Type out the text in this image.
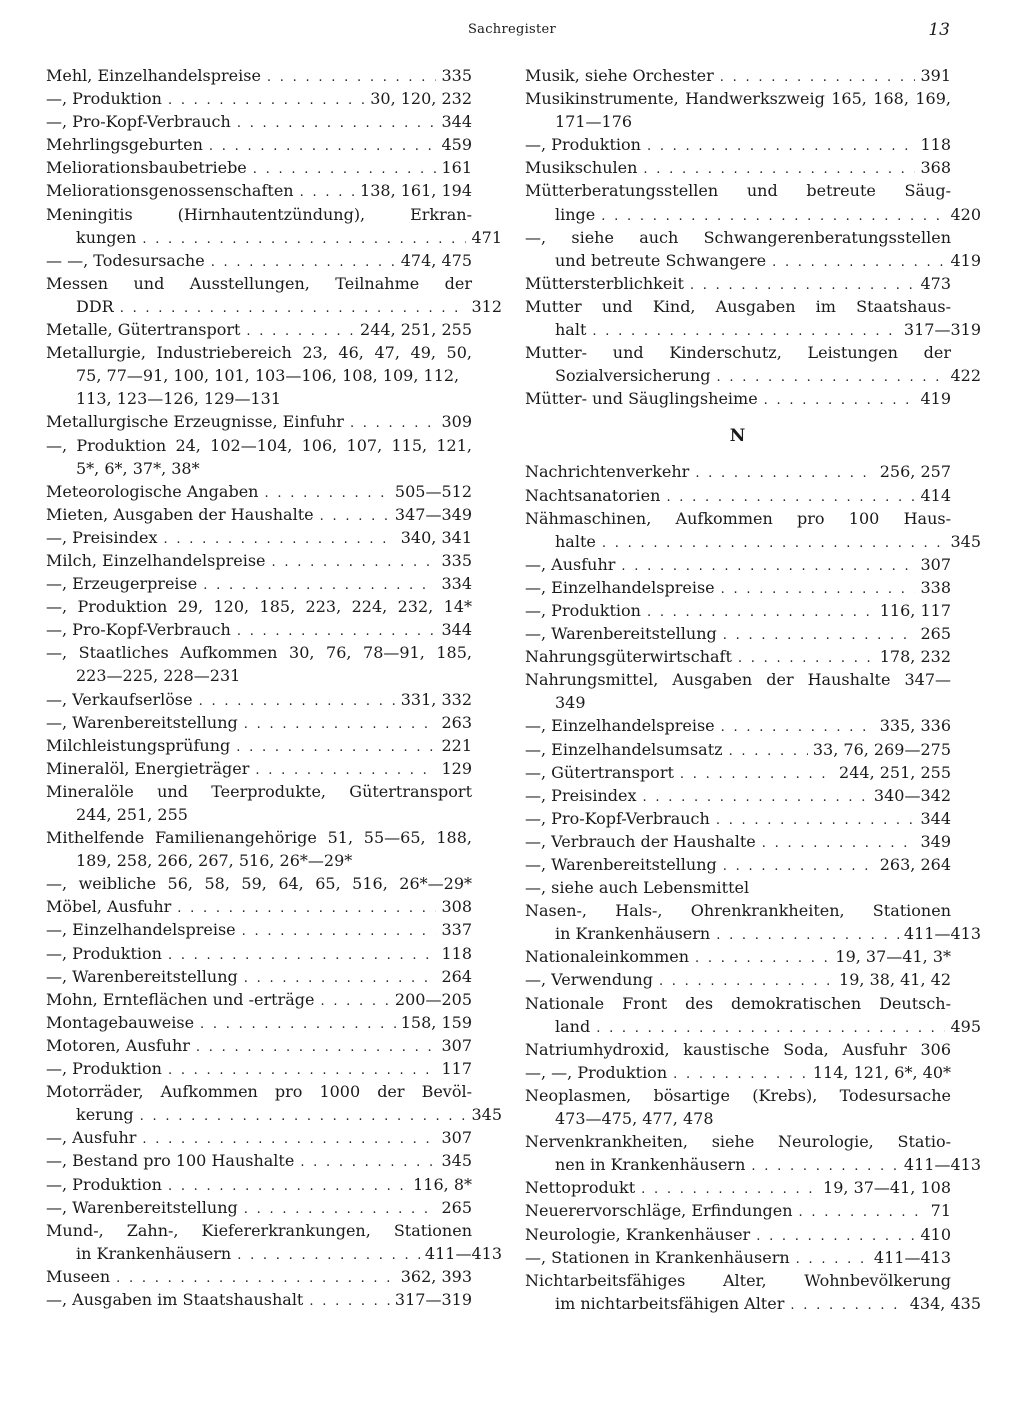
Sachregister	13
Mehl, Einzelhandelspreise . . .	335
—, Produktion . . .	30, 120, 232
—, Pro-Kopf-Verbrauch . . .	344
Mehrlingsgeburten . . .	459
Meliorationsbaubetriebe . . .	161
Meliorationsgenossenschaften . . .	138, 161, 194
Meningitis (Hirnhautentzündung), Erkran-
kungen . . .	471
— —, Todesursache . . .	474, 475
Messen und Ausstellungen, Teilnahme der
DDR . . .	312
Metalle, Gütertransport . . .	244, 251, 255
Metallurgie, Industriebereich 23, 46, 47, 49, 50,
75, 77—91, 100, 101, 103—106, 108, 109, 112,
113, 123—126, 129—131
Metallurgische Erzeugnisse, Einfuhr . . .	309
—, Produktion 24, 102—104, 106, 107, 115, 121,
5*, 6*, 37*, 38*
Meteorologische Angaben . . .	505—512
Mieten, Ausgaben der Haushalte . . .	347—349
—, Preisindex . . .	340, 341
Milch, Einzelhandelspreise . . .	335
—, Erzeugerpreise . . .	334
—, Produktion 29, 120, 185, 223, 224, 232, 14*
—, Pro-Kopf-Verbrauch . . .	344
—, Staatliches Aufkommen 30, 76, 78—91, 185,
223—225, 228—231
—, Verkaufserlöse . . .	331, 332
—, Warenbereitstellung . . .	263
Milchleistungsprüfung . . .	221
Mineralöl, Energieträger . . .	129
Mineralöle und Teerprodukte, Gütertransport
244, 251, 255
Mithelfende Familienangehörige 51, 55—65, 188,
189, 258, 266, 267, 516, 26*—29*
—, weibliche 56, 58, 59, 64, 65, 516, 26*—29*
Möbel, Ausfuhr . . .	308
—, Einzelhandelspreise . . .	337
—, Produktion . . .	118
—, Warenbereitstellung . . .	264
Mohn, Ernteflächen und -erträge . . .	200—205
Montagebauweise . . .	158, 159
Motoren, Ausfuhr . . .	307
—, Produktion . . .	117
Motorräder, Aufkommen pro 1000 der Bevöl-
kerung . . .	345
—, Ausfuhr . . .	307
—, Bestand pro 100 Haushalte . . .	345
—, Produktion . . .	116, 8*
—, Warenbereitstellung . . .	265
Mund-, Zahn-, Kiefererkrankungen, Stationen
in Krankenhäusern . . .	411—413
Museen . . .	362, 393
—, Ausgaben im Staatshaushalt . . .	317—319
Musik, siehe Orchester . . .	391
Musikinstrumente, Handwerkszweig 165, 168, 169,
171—176
—, Produktion . . .	118
Musikschulen . . .	368
Mütterberatungsstellen und betreute Säug-
linge . . .	420
—, siehe auch Schwangerenberatungsstellen
und betreute Schwangere . . .	419
Müttersterblichkeit . . .	473
Mutter und Kind, Ausgaben im Staatshaus-
halt . . .	317—319
Mutter- und Kinderschutz, Leistungen der
Sozialversicherung . . .	422
Mütter- und Säuglingsheime . . .	419
N
Nachrichtenverkehr . . .	256, 257
Nachtsanatorien . . .	414
Nähmaschinen, Aufkommen pro 100 Haus-
halte . . .	345
—, Ausfuhr . . .	307
—, Einzelhandelspreise . . .	338
—, Produktion . . .	116, 117
—, Warenbereitstellung . . .	265
Nahrungsgüterwirtschaft . . .	178, 232
Nahrungsmittel, Ausgaben der Haushalte 347—
349
—, Einzelhandelspreise . . .	335, 336
—, Einzelhandelsumsatz . . .	33, 76, 269—275
—, Gütertransport . . .	244, 251, 255
—, Preisindex . . .	340—342
—, Pro-Kopf-Verbrauch . . .	344
—, Verbrauch der Haushalte . . .	349
—, Warenbereitstellung . . .	263, 264
—, siehe auch Lebensmittel
Nasen-, Hals-, Ohrenkrankheiten, Stationen
in Krankenhäusern . . .	411—413
Nationaleinkommen . . .	19, 37—41, 3*
—, Verwendung . . .	19, 38, 41, 42
Nationale Front des demokratischen Deutsch-
land . . .	495
Natriumhydroxid, kaustische Soda, Ausfuhr 306
—, —, Produktion . . .	114, 121, 6*, 40*
Neoplasmen, bösartige (Krebs), Todesursache
473—475, 477, 478
Nervenkrankheiten, siehe Neurologie, Statio-
nen in Krankenhäusern . . .	411—413
Nettoprodukt . . .	19, 37—41, 108
Neuerervorschläge, Erfindungen . . .	71
Neurologie, Krankenhäuser . . .	410
—, Stationen in Krankenhäusern . . .	411—413
Nichtarbeitsfähiges Alter, Wohnbevölkerung
im nichtarbeitsfähigen Alter . . .	434, 435
